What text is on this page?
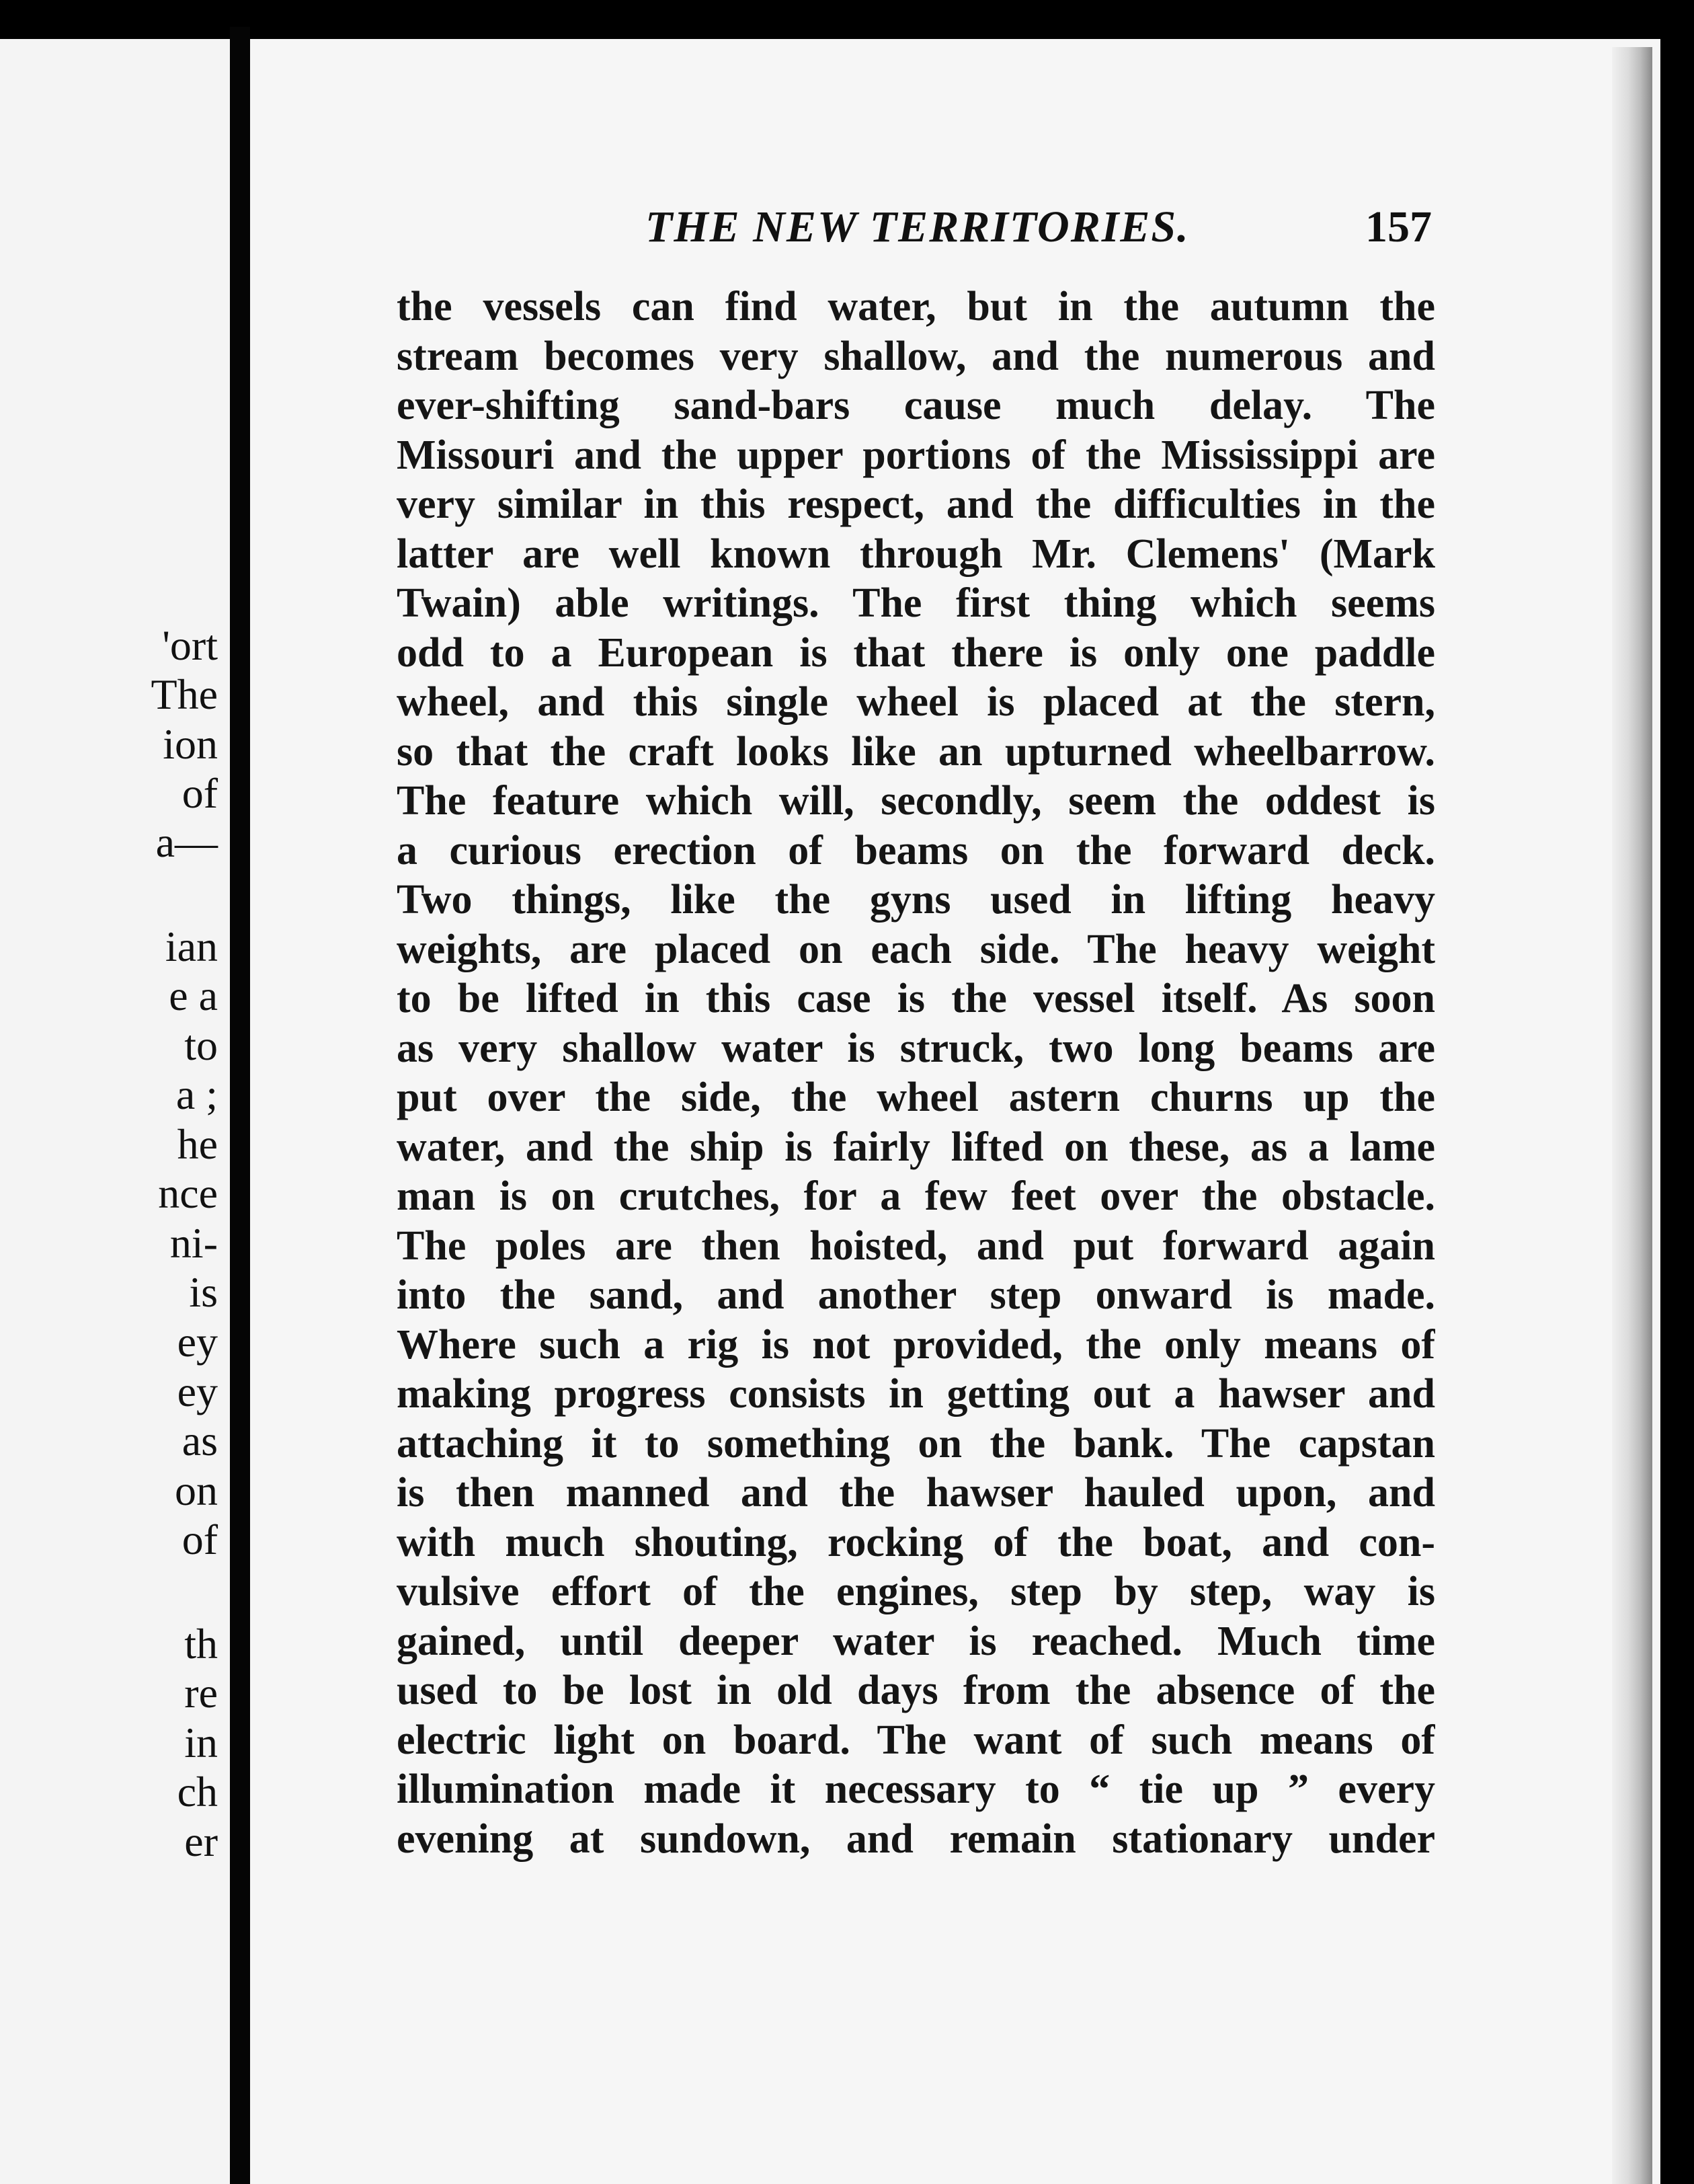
'ort
The
ion
of
a—
ian
e a
to
a ;
he
nce
ni-
is
ey
ey
as
on
of
th
re
in
ch
er
THE NEW TERRITORIES.	157
the vessels can find water, but in the autumn the
stream becomes very shallow, and the numerous and
ever-shifting sand-bars cause much delay. The
Missouri and the upper portions of the Mississippi are
very similar in this respect, and the difficulties in the
latter are well known through Mr. Clemens' (Mark
Twain) able writings. The first thing which seems
odd to a European is that there is only one paddle
wheel, and this single wheel is placed at the stern,
so that the craft looks like an upturned wheelbarrow.
The feature which will, secondly, seem the oddest is
a curious erection of beams on the forward deck.
Two things, like the gyns used in lifting heavy
weights, are placed on each side. The heavy weight
to be lifted in this case is the vessel itself. As soon
as very shallow water is struck, two long beams are
put over the side, the wheel astern churns up the
water, and the ship is fairly lifted on these, as a lame
man is on crutches, for a few feet over the obstacle.
The poles are then hoisted, and put forward again
into the sand, and another step onward is made.
Where such a rig is not provided, the only means of
making progress consists in getting out a hawser and
attaching it to something on the bank. The capstan
is then manned and the hawser hauled upon, and
with much shouting, rocking of the boat, and con-
vulsive effort of the engines, step by step, way is
gained, until deeper water is reached. Much time
used to be lost in old days from the absence of the
electric light on board. The want of such means of
illumination made it necessary to “ tie up ” every
evening at sundown, and remain stationary under
